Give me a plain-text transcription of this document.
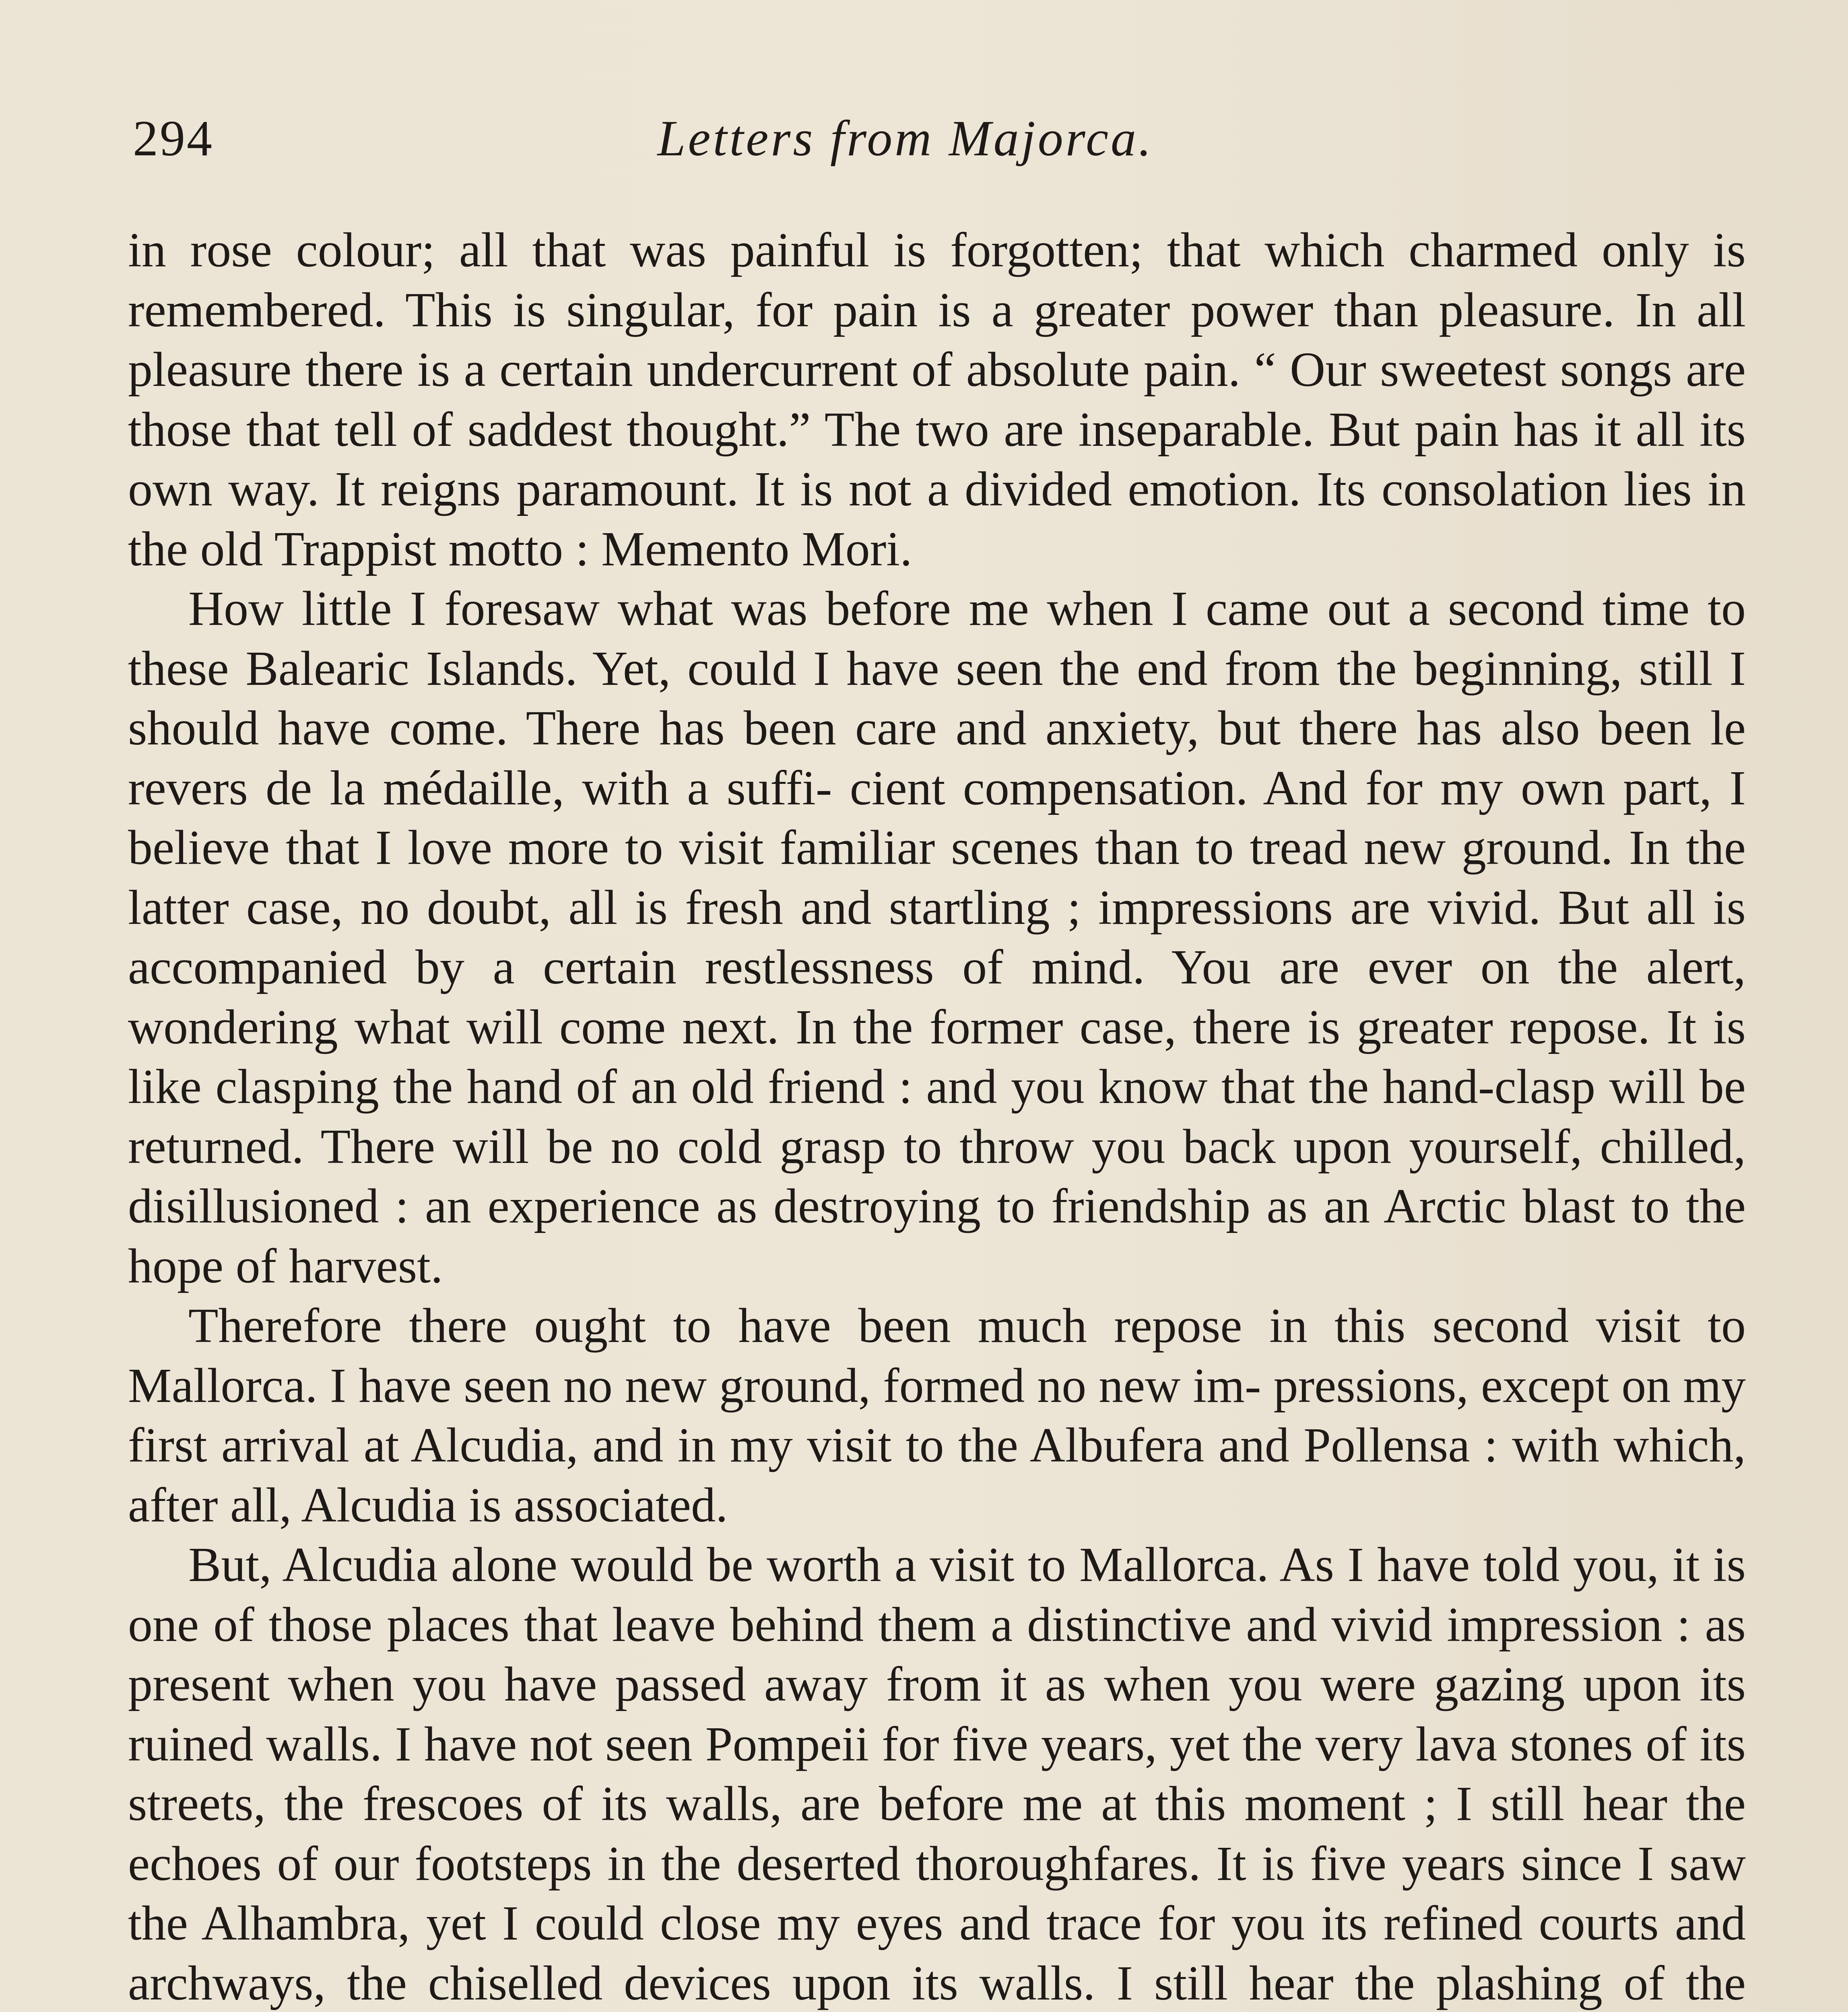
294	Letters from Majorca.

in rose colour; all that was painful is forgotten; that which charmed only is remembered. This is singular, for pain is a greater power than pleasure. In all pleasure there is a certain undercurrent of absolute pain. “ Our sweetest songs are those that tell of saddest thought.” The two are inseparable. But pain has it all its own way. It reigns paramount. It is not a divided emotion. Its consolation lies in the old Trappist motto : Memento Mori.

How little I foresaw what was before me when I came out a second time to these Balearic Islands. Yet, could I have seen the end from the beginning, still I should have come. There has been care and anxiety, but there has also been le revers de la médaille, with a suffi- cient compensation. And for my own part, I believe that I love more to visit familiar scenes than to tread new ground. In the latter case, no doubt, all is fresh and startling ; impressions are vivid. But all is accompanied by a certain restlessness of mind. You are ever on the alert, wondering what will come next. In the former case, there is greater repose. It is like clasping the hand of an old friend : and you know that the hand-clasp will be returned. There will be no cold grasp to throw you back upon yourself, chilled, disillusioned : an experience as destroying to friendship as an Arctic blast to the hope of harvest.

Therefore there ought to have been much repose in this second visit to Mallorca. I have seen no new ground, formed no new im- pressions, except on my first arrival at Alcudia, and in my visit to the Albufera and Pollensa : with which, after all, Alcudia is associated.

But, Alcudia alone would be worth a visit to Mallorca. As I have told you, it is one of those places that leave behind them a distinctive and vivid impression : as present when you have passed away from it as when you were gazing upon its ruined walls. I have not seen Pompeii for five years, yet the very lava stones of its streets, the frescoes of its walls, are before me at this moment ; I still hear the echoes of our footsteps in the deserted thoroughfares. It is five years since I saw the Alhambra, yet I could close my eyes and trace for you its refined courts and archways, the chiselled devices upon its walls. I still hear the plashing of the
